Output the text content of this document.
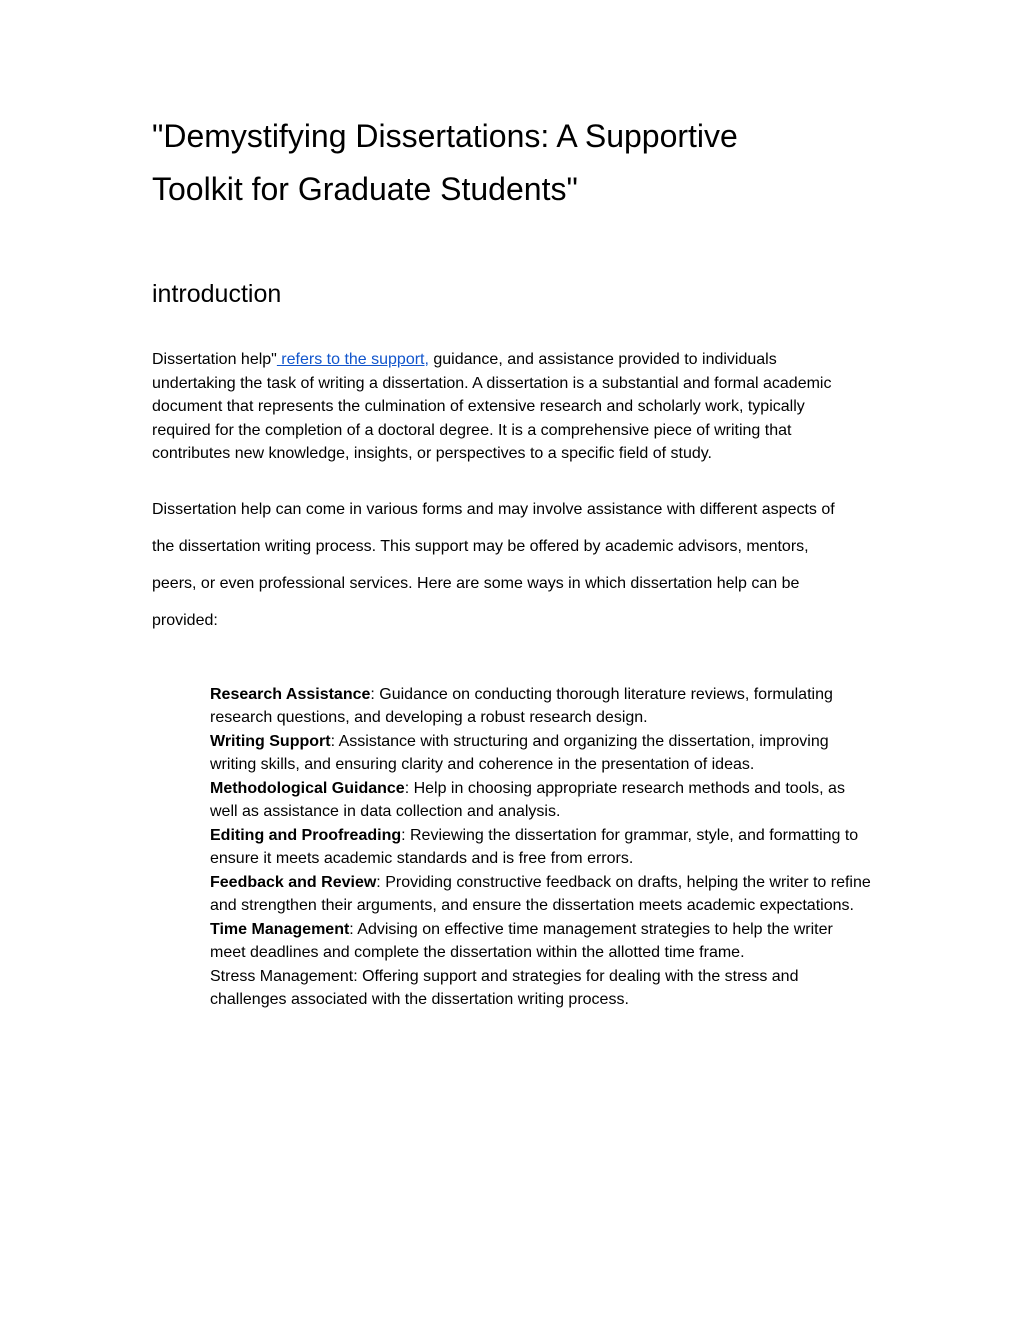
"Demystifying Dissertations: A Supportive Toolkit for Graduate Students"
introduction

Dissertation help" refers to the support, guidance, and assistance provided to individuals undertaking the task of writing a dissertation. A dissertation is a substantial and formal academic document that represents the culmination of extensive research and scholarly work, typically required for the completion of a doctoral degree. It is a comprehensive piece of writing that contributes new knowledge, insights, or perspectives to a specific field of study.

Dissertation help can come in various forms and may involve assistance with different aspects of the dissertation writing process. This support may be offered by academic advisors, mentors, peers, or even professional services. Here are some ways in which dissertation help can be provided:

Research Assistance: Guidance on conducting thorough literature reviews, formulating research questions, and developing a robust research design.
Writing Support: Assistance with structuring and organizing the dissertation, improving writing skills, and ensuring clarity and coherence in the presentation of ideas.
Methodological Guidance: Help in choosing appropriate research methods and tools, as well as assistance in data collection and analysis.
Editing and Proofreading: Reviewing the dissertation for grammar, style, and formatting to ensure it meets academic standards and is free from errors.
Feedback and Review: Providing constructive feedback on drafts, helping the writer to refine and strengthen their arguments, and ensure the dissertation meets academic expectations.
Time Management: Advising on effective time management strategies to help the writer meet deadlines and complete the dissertation within the allotted time frame.
Stress Management: Offering support and strategies for dealing with the stress and challenges associated with the dissertation writing process.
